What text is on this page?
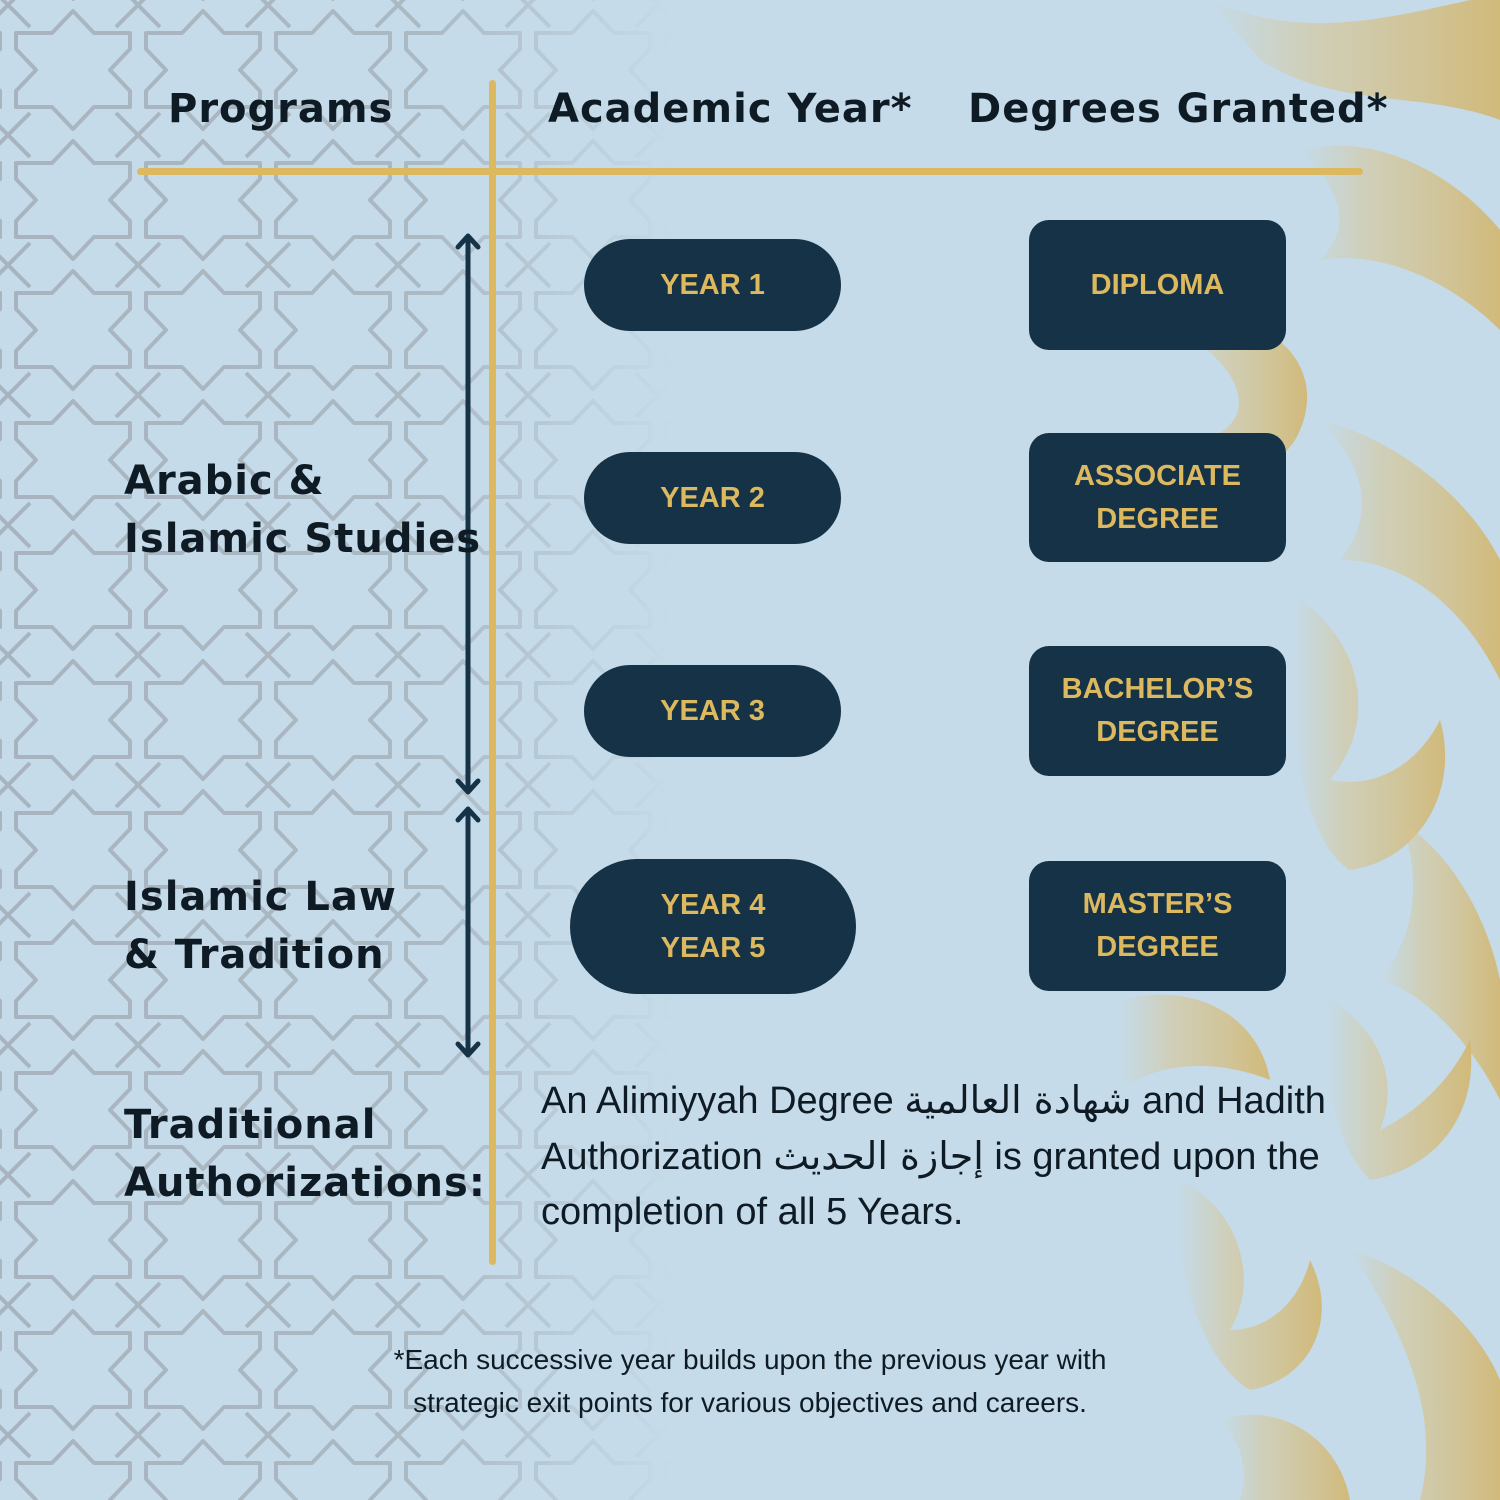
Programs	Academic Year* Degrees Granted*
Arabic &
Islamic Studies
Islamic Law
& Tradition
Traditional
Authorizations:
YEAR 1
YEAR 2
YEAR 3
YEAR 4
YEAR 5
DIPLOMA
ASSOCIATE
DEGREE
BACHELOR’S
DEGREE
MASTER’S
DEGREE
An Alimiyyah Degree شهادة العالمية and Hadith Authorization إجازة الحديث is granted upon the completion of all 5 Years.
*Each successive year builds upon the previous year with
strategic exit points for various objectives and careers.
